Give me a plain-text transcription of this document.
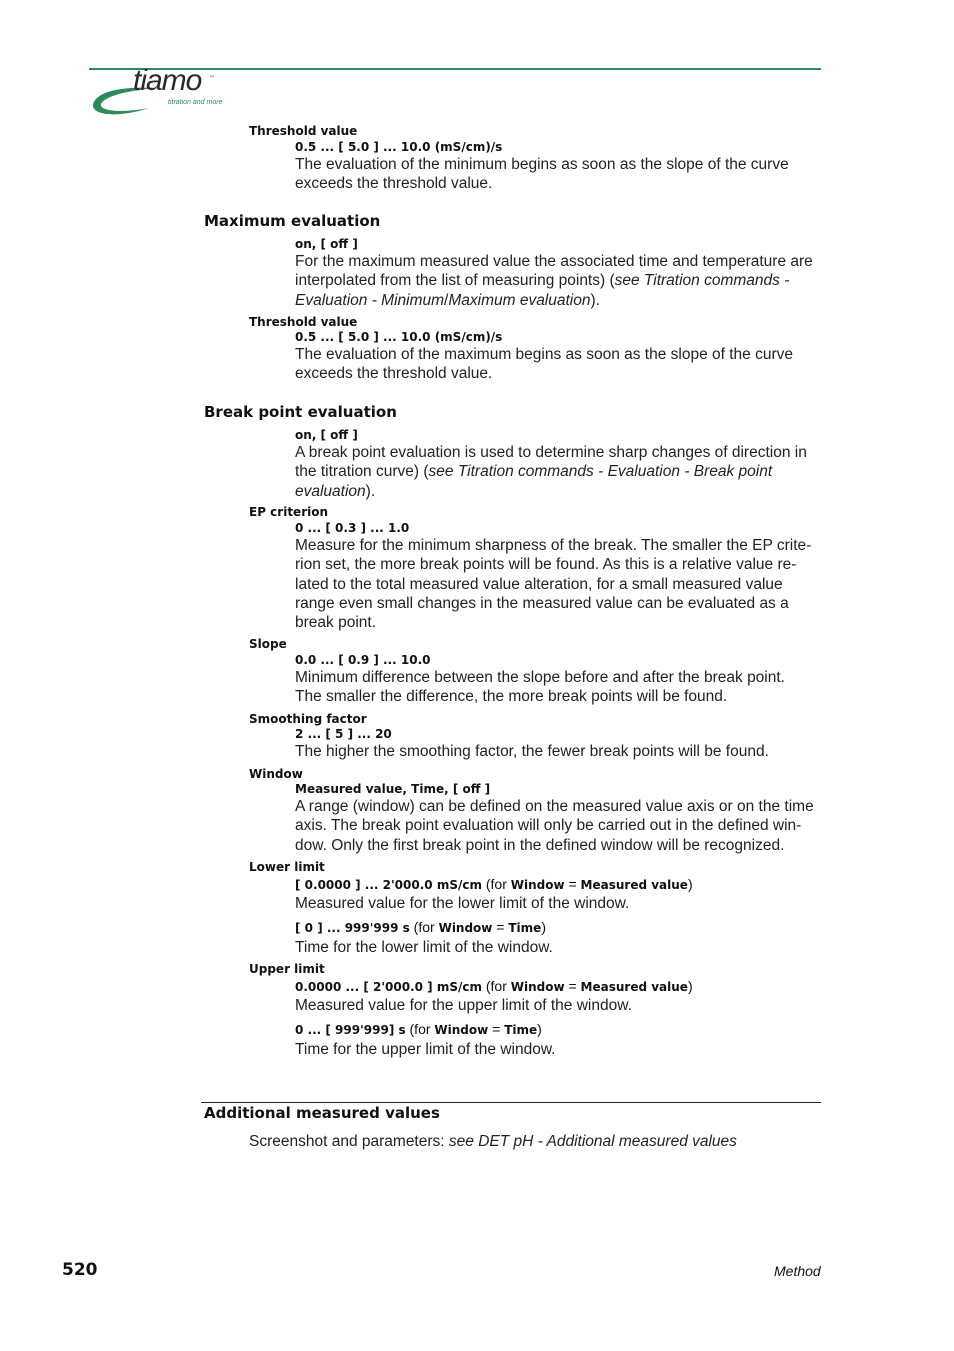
tiamo ™
titration and more
Threshold value
0.5 ... [ 5.0 ] ... 10.0 (mS/cm)/s
The evaluation of the minimum begins as soon as the slope of the curve
exceeds the threshold value.
Maximum evaluation
on, [ off ]
For the maximum measured value the associated time and temperature are
interpolated from the list of measuring points) (see Titration commands -
Evaluation - Minimum/Maximum evaluation).
Threshold value
0.5 ... [ 5.0 ] ... 10.0 (mS/cm)/s
The evaluation of the maximum begins as soon as the slope of the curve
exceeds the threshold value.
Break point evaluation
on, [ off ]
A break point evaluation is used to determine sharp changes of direction in
the titration curve) (see Titration commands - Evaluation - Break point
evaluation).
EP criterion
0 ... [ 0.3 ] ... 1.0
Measure for the minimum sharpness of the break. The smaller the EP crite-
rion set, the more break points will be found. As this is a relative value re-
lated to the total measured value alteration, for a small measured value
range even small changes in the measured value can be evaluated as a
break point.
Slope
0.0 ... [ 0.9 ] ... 10.0
Minimum difference between the slope before and after the break point.
The smaller the difference, the more break points will be found.
Smoothing factor
2 ... [ 5 ] ... 20
The higher the smoothing factor, the fewer break points will be found.
Window
Measured value, Time, [ off ]
A range (window) can be defined on the measured value axis or on the time
axis. The break point evaluation will only be carried out in the defined win-
dow. Only the first break point in the defined window will be recognized.
Lower limit
[ 0.0000 ] ... 2'000.0 mS/cm (for Window = Measured value)
Measured value for the lower limit of the window.
[ 0 ] ... 999'999 s (for Window = Time)
Time for the lower limit of the window.
Upper limit
0.0000 ... [ 2'000.0 ] mS/cm (for Window = Measured value)
Measured value for the upper limit of the window.
0 ... [ 999'999] s (for Window = Time)
Time for the upper limit of the window.
Additional measured values
Screenshot and parameters: see DET pH - Additional measured values
520	Method
